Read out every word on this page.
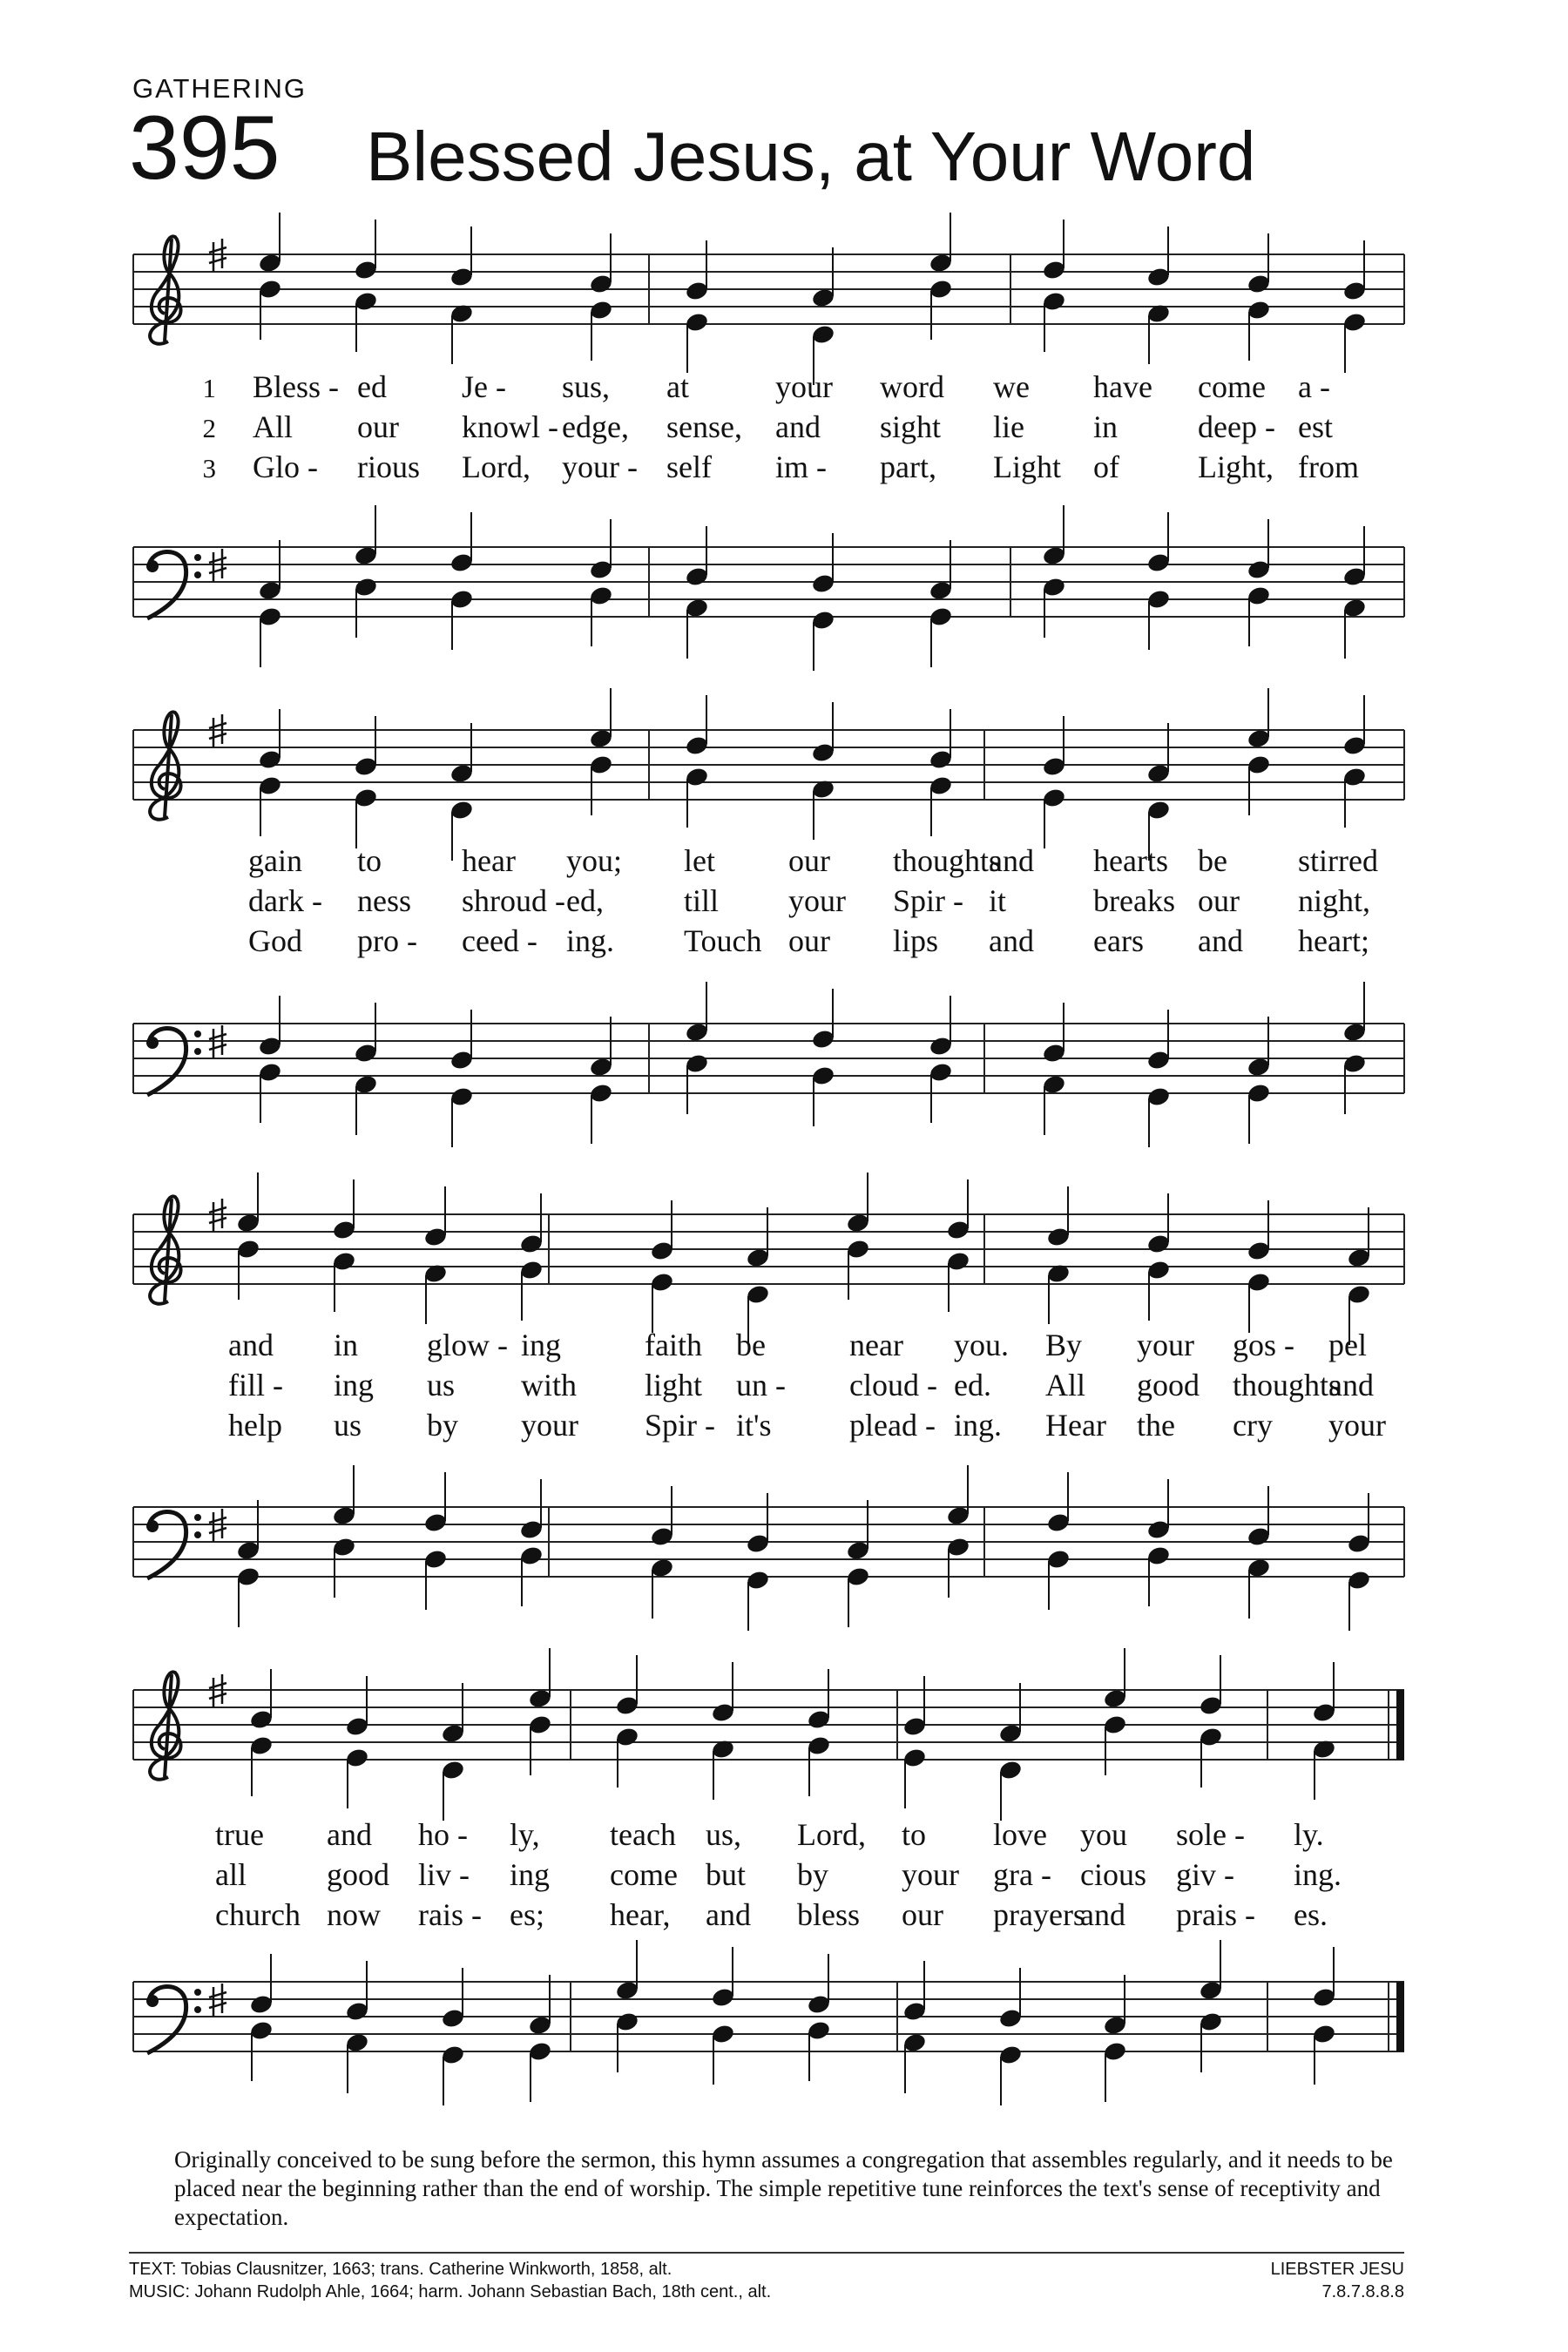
GATHERING
395 Blessed Jesus, at Your Word
1 Bless - ed Je - sus, at	your word we have come a -
2 All our knowl - edge, sense, and sight lie in	deep - est
3 Glo - rious Lord, your - self im - part, Light of	Light, from
gain to	hear you; let our thoughts
and hearts be stirred
dark - ness shroud - ed,	till your Spir - it	breaks our night,
God pro - ceed - ing. Touch our lips and ears and heart;
and in glow - ing	faith be	near you. By your gos - pel
fill - ing us with light un - cloud - ed. All good thoughts
and
help us by your Spir - it's plead - ing. Hear the cry your
true and ho - ly, teach us, Lord, to love you sole - ly.
all	good liv - ing come but by your gra - cious giv - ing.
church now rais - es; hear, and bless our prayers
and prais - es.
Originally conceived to be sung before the sermon, this hymn assumes a congregation that assembles regularly, and it needs to be placed near the beginning rather than the end of worship. The simple repetitive tune reinforces the text's sense of receptivity and expectation.
TEXT: Tobias Clausnitzer, 1663; trans. Catherine Winkworth, 1858, alt.
MUSIC: Johann Rudolph Ahle, 1664; harm. Johann Sebastian Bach, 18th cent., alt.
LIEBSTER JESU
7.8.7.8.8.8
